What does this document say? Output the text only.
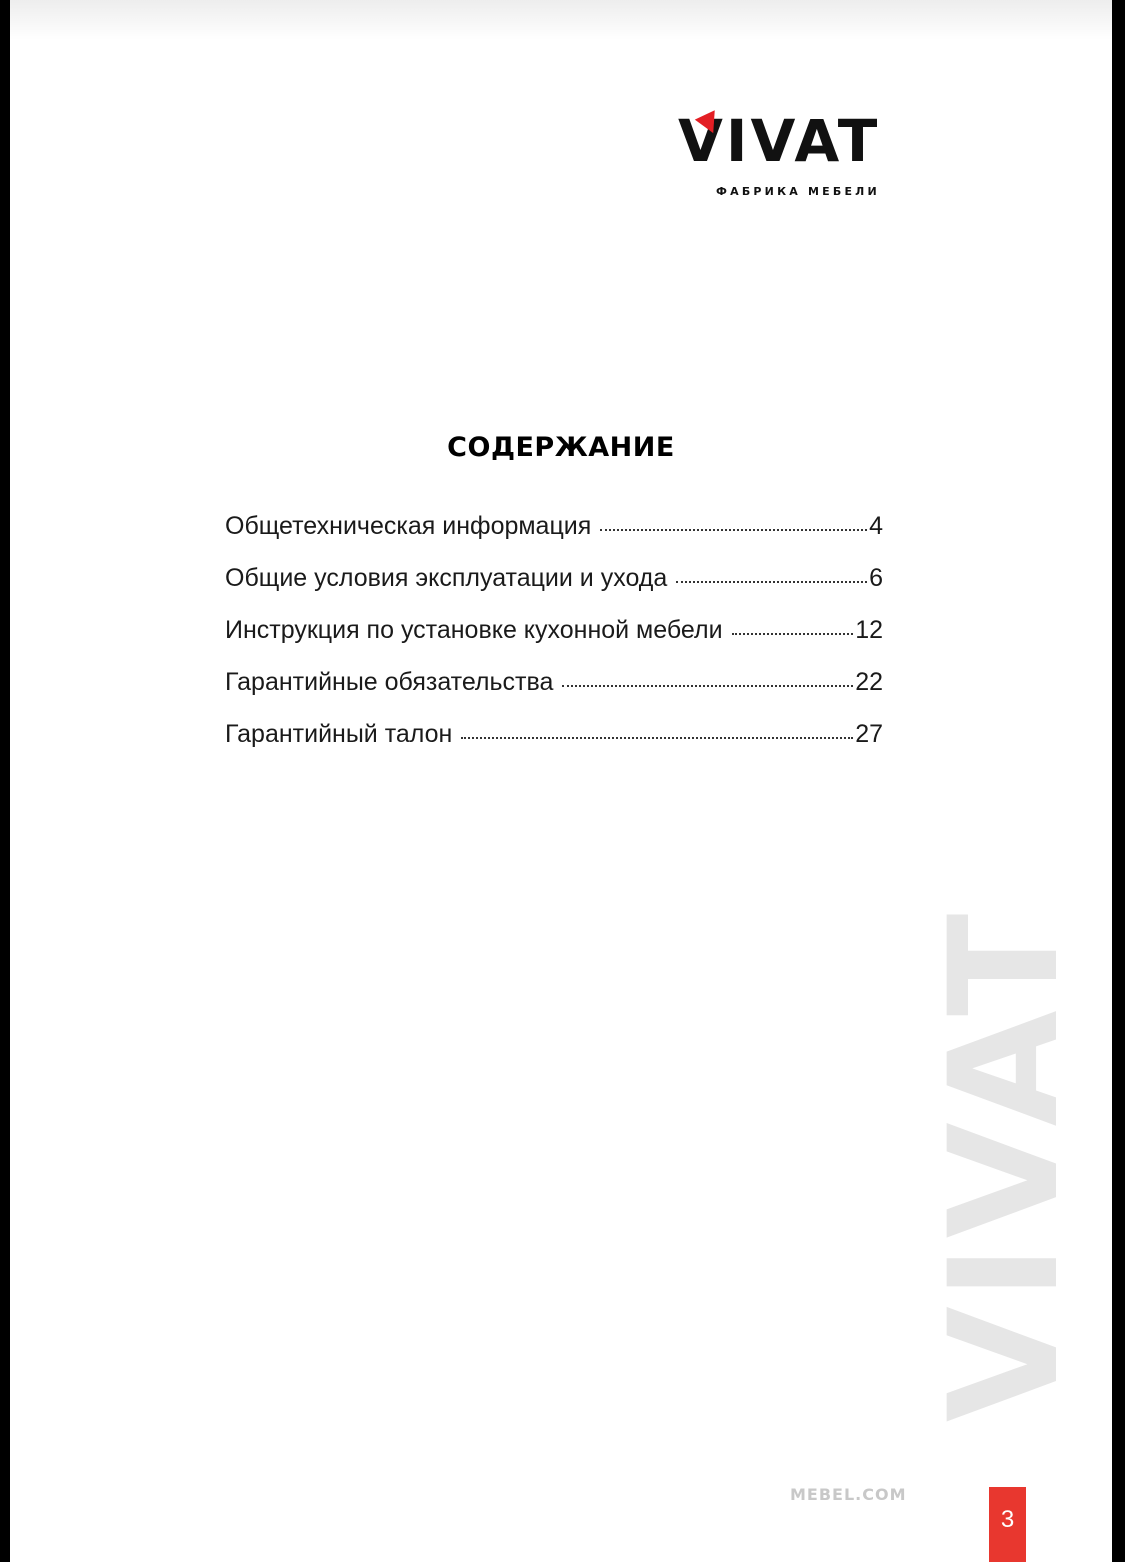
VIVAT
ФАБРИКА МЕБЕЛИ
СОДЕРЖАНИЕ
Общетехническая информация	4
Общие условия эксплуатации и ухода	6
Инструкция по установке кухонной мебели	12
Гарантийные обязательства	22
Гарантийный талон	27
VIVAT
MEBEL.COM
3
